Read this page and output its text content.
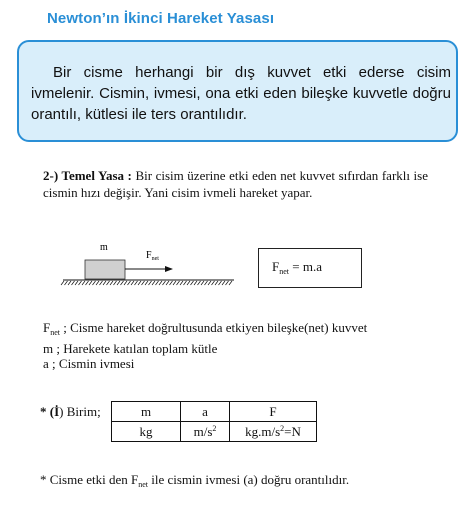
Newton’ın İkinci Hareket Yasası
Bir cisme herhangi bir dış kuvvet etki ederse cisim ivmelenir. Cismin, ivmesi, ona etki eden bileşke kuvvetle doğru orantılı, kütlesi ile ters orantılıdır.
2-) Temel Yasa : Bir cisim üzerine etki eden net kuvvet sıfırdan farklı ise cismin hızı değişir. Yani cisim ivmeli hareket yapar.
m
$F_{net}$	$F_{net} = m.a$
$F_{net}$ ; Cisme hareket doğrultusunda etkiyen bileşke(net) kuvvet
m ; Harekete katılan toplam kütle
a ; Cismin ivmesi
* (İ) Birim;	m	a	F
kg	$m/s^2$	$kg.m/s^2=N$
* Cisme etki den $F_{net}$ ile cismin ivmesi (a) doğru orantılıdır.
